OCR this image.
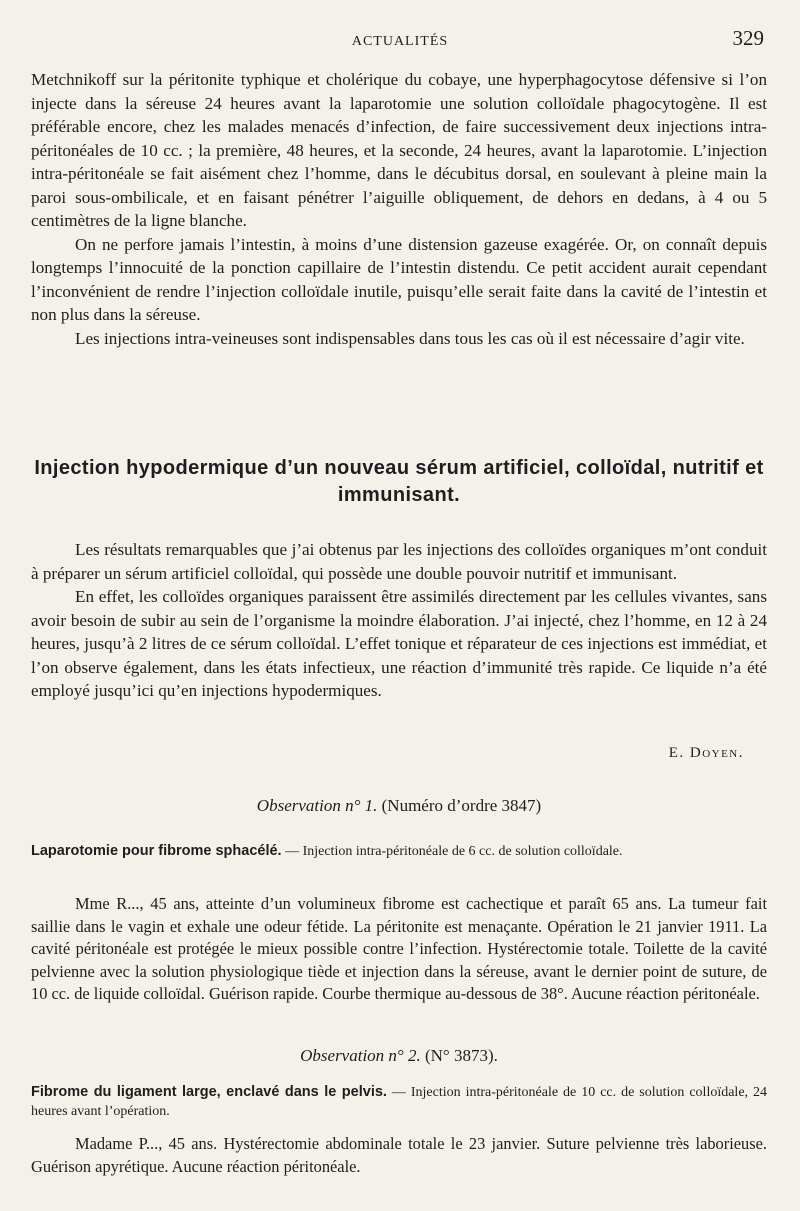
ACTUALITÉS	329

Metchnikoff sur la péritonite typhique et cholérique du cobaye, une hyperphagocytose défensive si l’on injecte dans la séreuse 24 heures avant la laparotomie une solution colloïdale phagocytogène. Il est préférable encore, chez les malades menacés d’infection, de faire successivement deux injections intra-péritonéales de 10 cc. ; la première, 48 heures, et la seconde, 24 heures, avant la laparotomie. L’injection intra-péritonéale se fait aisément chez l’homme, dans le décubitus dorsal, en soulevant à pleine main la paroi sous-ombilicale, et en faisant pénétrer l’aiguille obliquement, de dehors en dedans, à 4 ou 5 centimètres de la ligne blanche.

On ne perfore jamais l’intestin, à moins d’une distension gazeuse exagérée. Or, on connaît depuis longtemps l’innocuité de la ponction capillaire de l’intestin distendu. Ce petit accident aurait cependant l’inconvénient de rendre l’injection colloïdale inutile, puisqu’elle serait faite dans la cavité de l’intestin et non plus dans la séreuse.

Les injections intra-veineuses sont indispensables dans tous les cas où il est nécessaire d’agir vite.

Injection hypodermique d’un nouveau sérum artificiel, colloïdal, nutritif et immunisant.

Les résultats remarquables que j’ai obtenus par les injections des colloïdes organiques m’ont conduit à préparer un sérum artificiel colloïdal, qui possède une double pouvoir nutritif et immunisant.

En effet, les colloïdes organiques paraissent être assimilés directement par les cellules vivantes, sans avoir besoin de subir au sein de l’organisme la moindre élaboration. J’ai injecté, chez l’homme, en 12 à 24 heures, jusqu’à 2 litres de ce sérum colloïdal. L’effet tonique et réparateur de ces injections est immédiat, et l’on observe également, dans les états infectieux, une réaction d’immunité très rapide. Ce liquide n’a été employé jusqu’ici qu’en injections hypodermiques.

E. Doyen.
Observation n° 1. (Numéro d’ordre 3847)
Laparotomie pour fibrome sphacélé. — Injection intra-péritonéale de 6 cc. de solution colloïdale.

Mme R..., 45 ans, atteinte d’un volumineux fibrome est cachectique et paraît 65 ans. La tumeur fait saillie dans le vagin et exhale une odeur fétide. La péritonite est menaçante. Opération le 21 janvier 1911. La cavité péritonéale est protégée le mieux possible contre l’infection. Hystérectomie totale. Toilette de la cavité pelvienne avec la solution physiologique tiède et injection dans la séreuse, avant le dernier point de suture, de 10 cc. de liquide colloïdal. Guérison rapide. Courbe thermique au-dessous de 38°. Aucune réaction péritonéale.

Observation n° 2. (N° 3873).
Fibrome du ligament large, enclavé dans le pelvis. — Injection intra-péritonéale de 10 cc. de solution colloïdale, 24 heures avant l’opération.

Madame P..., 45 ans. Hystérectomie abdominale totale le 23 janvier. Suture pelvienne très laborieuse. Guérison apyrétique. Aucune réaction péritonéale.
